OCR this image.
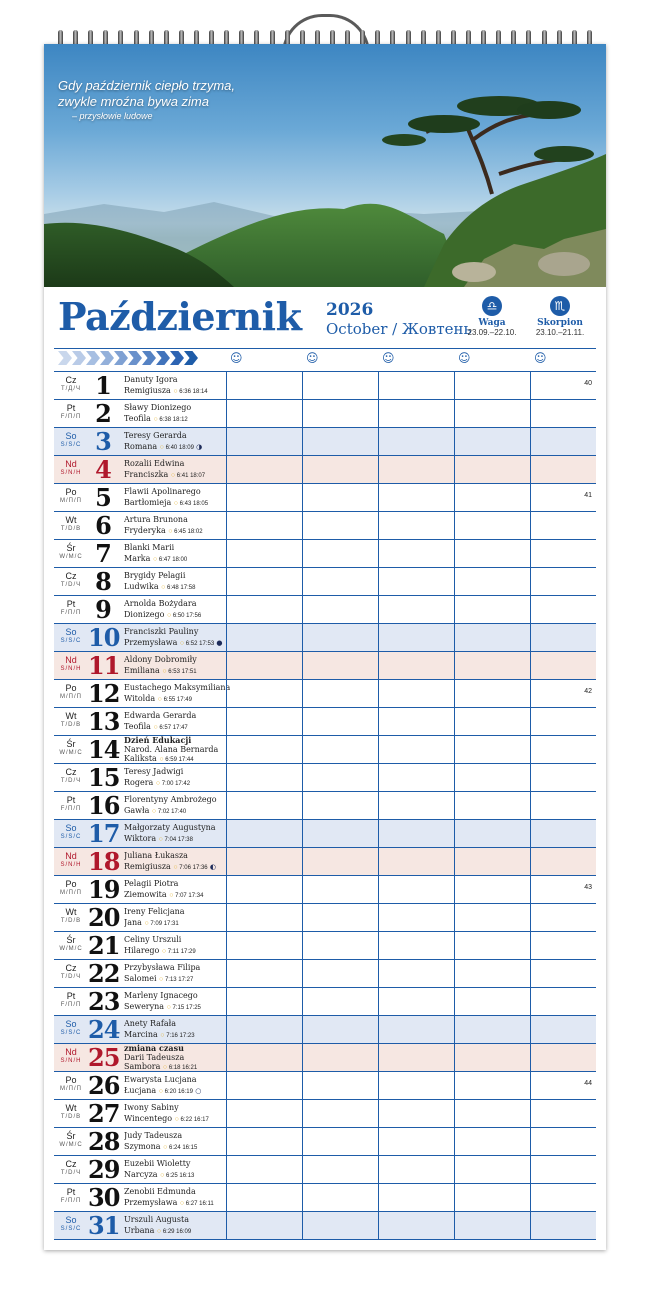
Gdy październik ciepło trzyma,
zwykle mroźna bywa zima
– przysłowie ludowe
Październik 2026
October / Жовтень
♎
Waga
23.09.–22.10.
♏
Skorpion
23.10.–21.11.
☺	☺	☺	☺	☺
Cz
T/Д/Ч 1	Danuty Igora
Remigiusza ○ 6:36 18:14
40
Pt
F/П/П 2	Sławy Dionizego
Teofila ○ 6:38 18:12
So
S/S/C 3	Teresy Gerarda
Romana ○ 6:40 18:09 ◑
Nd
S/N/Н 4	Rozalii Edwina
Franciszka ○ 6:41 18:07
Po
M/П/П 5	Flawii Apolinarego
Bartłomieja ○ 6:43 18:05
41
Wt
T/D/В 6	Artura Brunona
Fryderyka ○ 6:45 18:02
Śr
W/M/C 7	Blanki Marii
Marka ○ 6:47 18:00
Cz
T/D/Ч 8	Brygidy Pelagii
Ludwika ○ 6:48 17:58
Pt
F/П/П 9	Arnolda Bożydara
Dionizego ○ 6:50 17:56
So
S/S/C 10 Franciszki Pauliny
Przemysława ○ 6:52 17:53 ●
Nd
S/N/Н 11 Aldony Dobromiły
Emiliana ○ 6:53 17:51
Po
M/П/П 12 Eustachego Maksymiliana
Witolda ○ 6:55 17:49
42
Wt
T/D/В 13 Edwarda Gerarda
Teofila ○ 6:57 17:47
Śr
W/M/C 14 Dzień Edukacji
Narod. Alana Bernarda
Kaliksta ○ 6:59 17:44
Cz
T/D/Ч 15 Teresy Jadwigi
Rogera ○ 7:00 17:42
Pt
F/П/П 16 Florentyny Ambrożego
Gawła ○ 7:02 17:40
So
S/S/C 17 Małgorzaty Augustyna
Wiktora ○ 7:04 17:38
Nd
S/N/Н 18 Juliana Łukasza
Remigiusza ○ 7:06 17:36 ◐
Po
M/П/П 19 Pelagii Piotra
Ziemowita ○ 7:07 17:34
43
Wt
T/D/В 20 Ireny Felicjana
Jana ○ 7:09 17:31
Śr
W/M/C 21 Celiny Urszuli
Hilarego ○ 7:11 17:29
Cz
T/D/Ч 22 Przybysława Filipa
Salomei ○ 7:13 17:27
Pt
F/П/П 23 Marleny Ignacego
Seweryna ○ 7:15 17:25
So
S/S/C 24 Anety Rafała
Marcina ○ 7:16 17:23
Nd
S/N/Н 25 zmiana czasu
Darii Tadeusza
Sambora ○ 6:18 16:21
Po
M/П/П 26 Ewarysta Lucjana
Łucjana ○ 6:20 16:19 ○
44
Wt
T/D/В 27 Iwony Sabiny
Wincentego ○ 6:22 16:17
Śr
W/M/C 28 Judy Tadeusza
Szymona ○ 6:24 16:15
Cz
T/D/Ч 29 Euzebii Wioletty
Narcyza ○ 6:25 16:13
Pt
F/П/П 30 Zenobii Edmunda
Przemysława ○ 6:27 16:11
So
S/S/C 31 Urszuli Augusta
Urbana ○ 6:29 16:09
